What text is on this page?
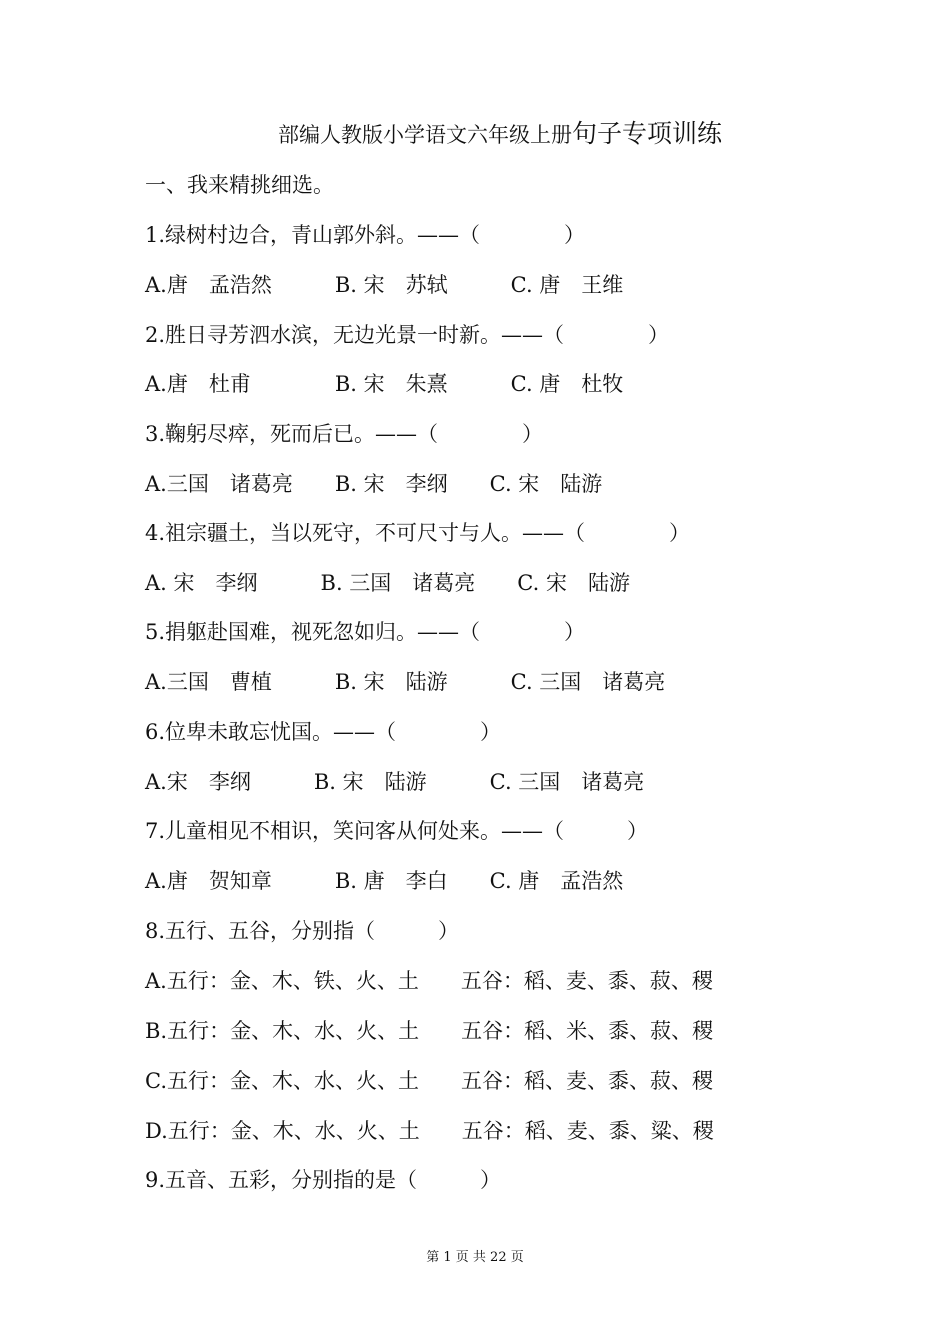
部编人教版小学语文六年级上册句子专项训练
一、我来精挑细选。
1.绿树村边合，青山郭外斜。——（　　　　）
A.唐　孟浩然　　　B. 宋　苏轼　　　C. 唐　王维
2.胜日寻芳泗水滨，无边光景一时新。——（　　　　）
A.唐　杜甫　　　　B. 宋　朱熹　　　C. 唐　杜牧
3.鞠躬尽瘁，死而后已。——（　　　　）
A.三国　诸葛亮　　B. 宋　李纲　　C. 宋　陆游
4.祖宗疆土，当以死守，不可尺寸与人。——（　　　　）
A. 宋　李纲　　　B. 三国　诸葛亮　　C. 宋　陆游
5.捐躯赴国难，视死忽如归。——（　　　　）
A.三国　曹植　　　B. 宋　陆游　　　C. 三国　诸葛亮
6.位卑未敢忘忧国。——（　　　　）
A.宋　李纲　　　B. 宋　陆游　　　C. 三国　诸葛亮
7.儿童相见不相识，笑问客从何处来。——（　　　）
A.唐　贺知章　　　B. 唐　李白　　C. 唐　孟浩然
8.五行、五谷，分别指（　　　）
A.五行：金、木、铁、火、土　　五谷：稻、麦、黍、菽、稷
B.五行：金、木、水、火、土　　五谷：稻、米、黍、菽、稷
C.五行：金、木、水、火、土　　五谷：稻、麦、黍、菽、稷
D.五行：金、木、水、火、土　　五谷：稻、麦、黍、粱、稷
9.五音、五彩，分别指的是（　　　）
第 1 页 共 22 页
